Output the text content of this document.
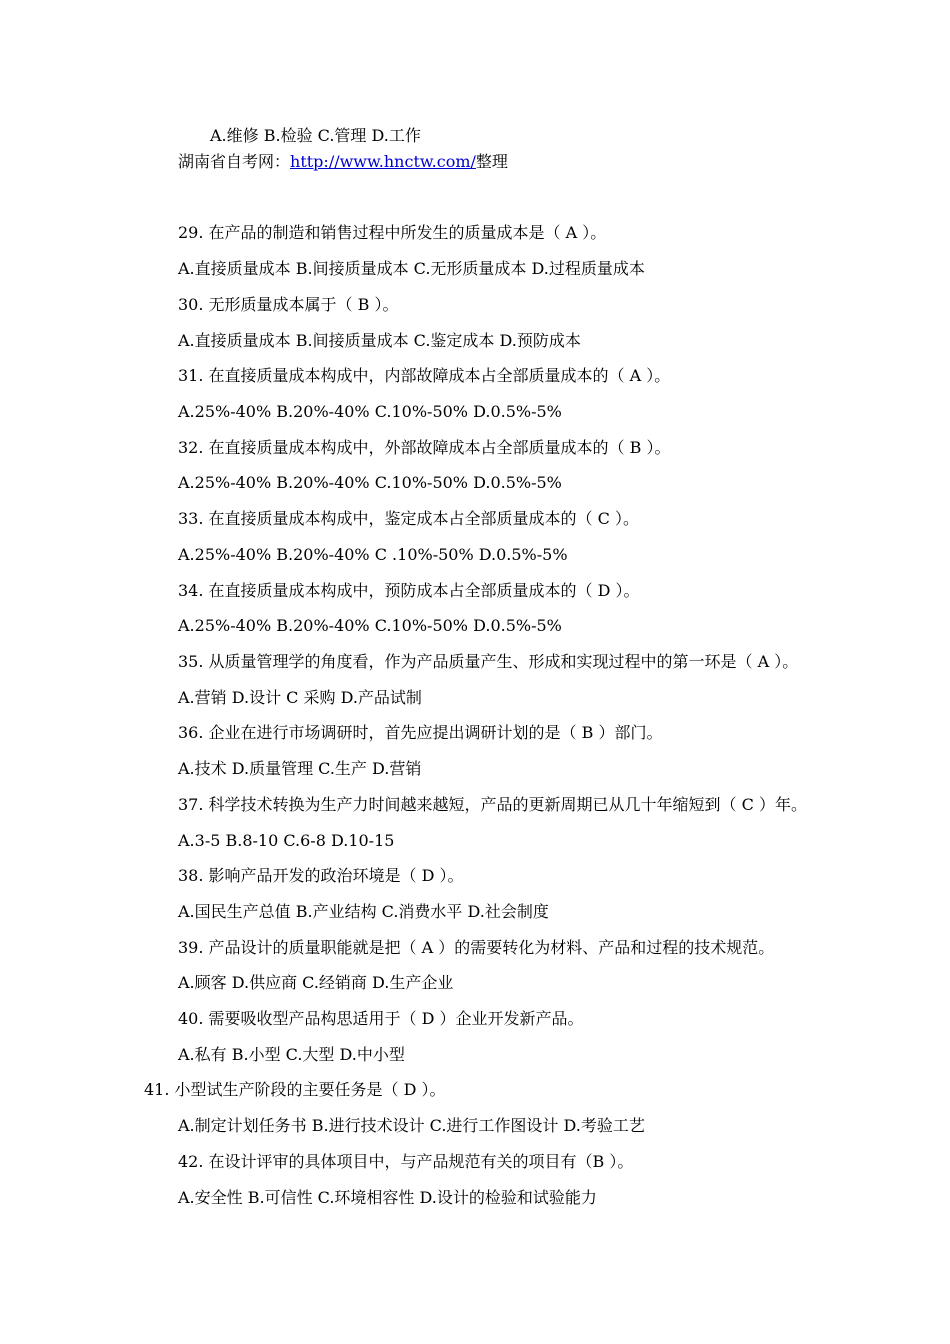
A.维修 B.检验 C.管理 D.工作
湖南省自考网：http://www.hnctw.com/整理
29. 在产品的制造和销售过程中所发生的质量成本是（ A ）。
A.直接质量成本 B.间接质量成本 C.无形质量成本 D.过程质量成本
30. 无形质量成本属于（ B ）。
A.直接质量成本 B.间接质量成本 C.鉴定成本 D.预防成本
31. 在直接质量成本构成中，内部故障成本占全部质量成本的（ A ）。
A.25%-40% B.20%-40% C.10%-50% D.0.5%-5%
32. 在直接质量成本构成中，外部故障成本占全部质量成本的（ B ）。
A.25%-40% B.20%-40% C.10%-50% D.0.5%-5%
33. 在直接质量成本构成中，鉴定成本占全部质量成本的（ C ）。
A.25%-40% B.20%-40% C .10%-50% D.0.5%-5%
34. 在直接质量成本构成中，预防成本占全部质量成本的（ D ）。
A.25%-40% B.20%-40% C.10%-50% D.0.5%-5%
35. 从质量管理学的角度看，作为产品质量产生、形成和实现过程中的第一环是（ A ）。
A.营销 D.设计 C 采购 D.产品试制
36. 企业在进行市场调研时，首先应提出调研计划的是（ B ）部门。
A.技术 D.质量管理 C.生产 D.营销
37. 科学技术转换为生产力时间越来越短，产品的更新周期已从几十年缩短到（ C ）年。
A.3-5 B.8-10 C.6-8 D.10-15
38. 影响产品开发的政治环境是（ D ）。
A.国民生产总值 B.产业结构 C.消费水平 D.社会制度
39. 产品设计的质量职能就是把（ A ）的需要转化为材料、产品和过程的技术规范。
A.顾客 D.供应商 C.经销商 D.生产企业
40. 需要吸收型产品构思适用于（ D ）企业开发新产品。
A.私有 B.小型 C.大型 D.中小型
41. 小型试生产阶段的主要任务是（ D ）。
A.制定计划任务书 B.进行技术设计 C.进行工作图设计 D.考验工艺
42. 在设计评审的具体项目中，与产品规范有关的项目有（B ）。
A.安全性 B.可信性 C.环境相容性 D.设计的检验和试验能力
